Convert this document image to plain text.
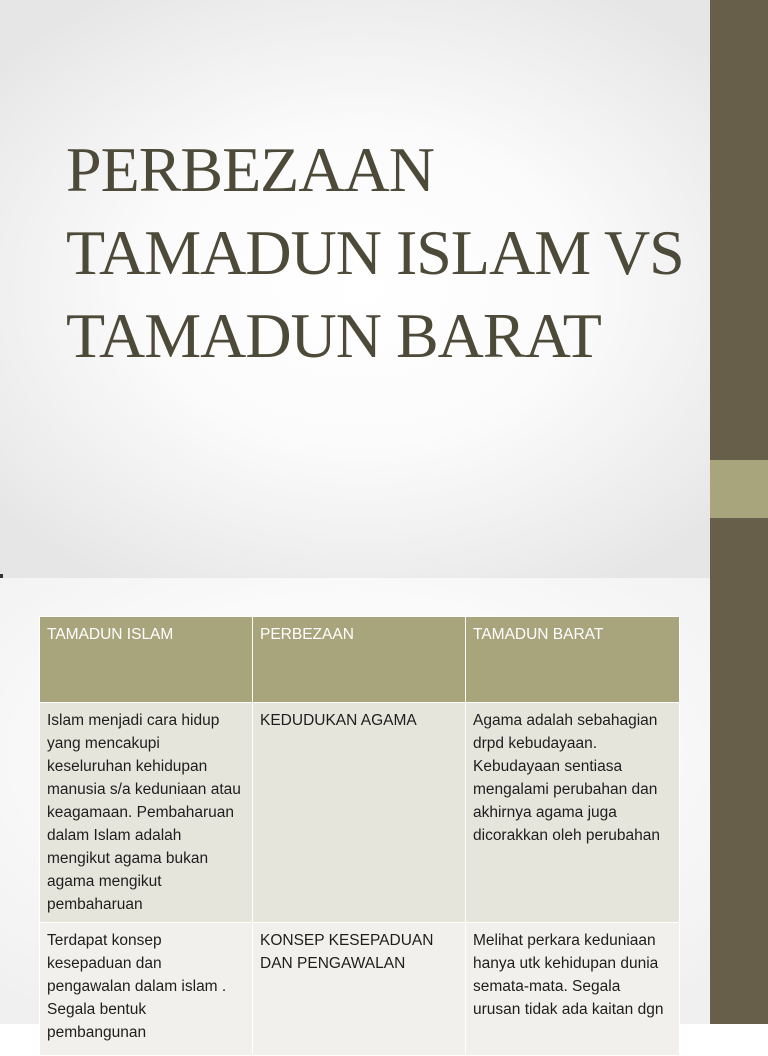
PERBEZAAN
TAMADUN ISLAM VS
TAMADUN BARAT
TAMADUN ISLAM	PERBEZAAN	TAMADUN BARAT
Islam menjadi cara hidup yang mencakupi keseluruhan kehidupan manusia s/a keduniaan atau keagamaan. Pembaharuan dalam Islam adalah mengikut agama bukan agama mengikut pembaharuan	KEDUDUKAN AGAMA	Agama adalah sebahagian drpd kebudayaan. Kebudayaan sentiasa mengalami perubahan dan akhirnya agama juga dicorakkan oleh perubahan
Terdapat konsep kesepaduan dan pengawalan dalam islam . Segala bentuk pembangunan	KONSEP KESEPADUAN DAN PENGAWALAN	Melihat perkara keduniaan hanya utk kehidupan dunia semata-mata. Segala urusan tidak ada kaitan dgn
